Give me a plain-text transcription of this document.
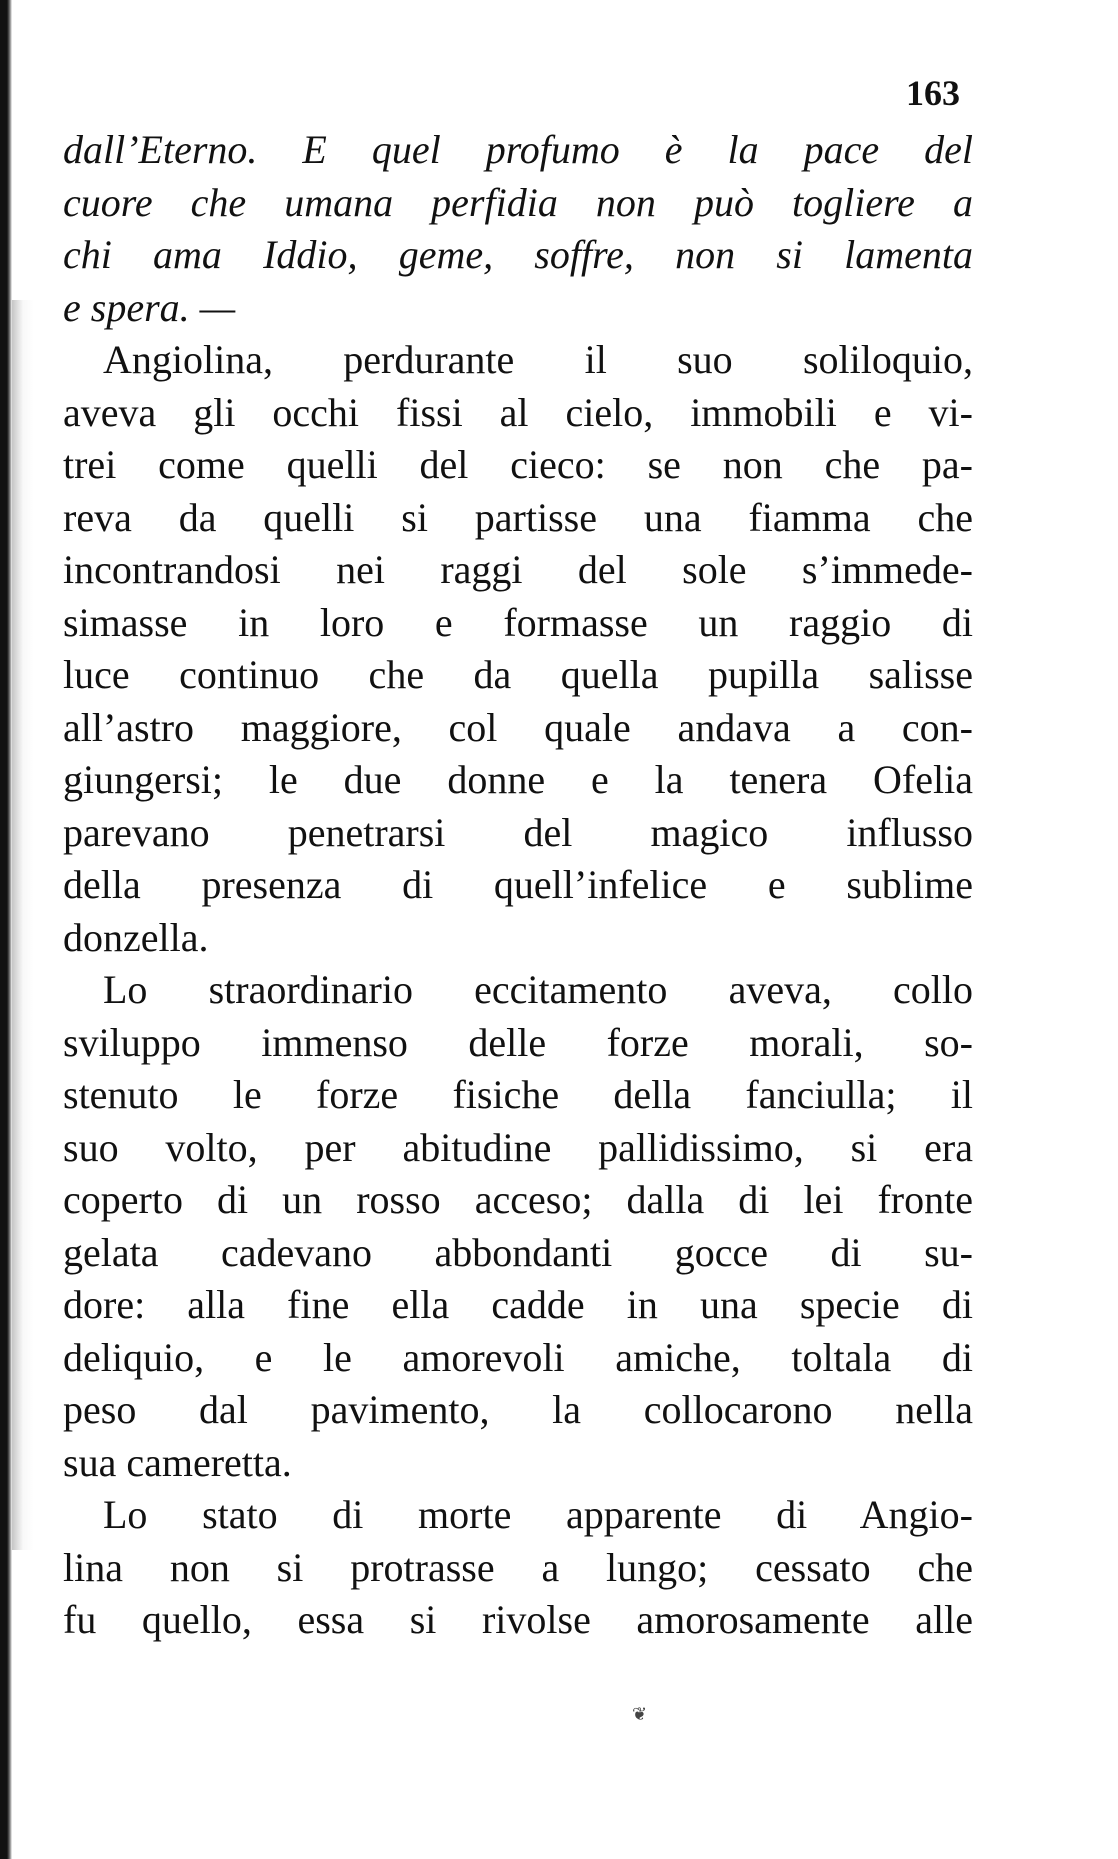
163
dall’Eterno. E quel profumo è la pace del
cuore che umana perfidia non può togliere a
chi ama Iddio, geme, soffre, non si lamenta
e spera. —
Angiolina, perdurante il suo soliloquio,
aveva gli occhi fissi al cielo, immobili e vi-
trei come quelli del cieco: se non che pa-
reva da quelli si partisse una fiamma che
incontrandosi nei raggi del sole s’immede-
simasse in loro e formasse un raggio di
luce continuo che da quella pupilla salisse
all’astro maggiore, col quale andava a con-
giungersi; le due donne e la tenera Ofelia
parevano penetrarsi del magico influsso
della presenza di quell’infelice e sublime
donzella.
Lo straordinario eccitamento aveva, collo
sviluppo immenso delle forze morali, so-
stenuto le forze fisiche della fanciulla; il
suo volto, per abitudine pallidissimo, si era
coperto di un rosso acceso; dalla di lei fronte
gelata cadevano abbondanti gocce di su-
dore: alla fine ella cadde in una specie di
deliquio, e le amorevoli amiche, toltala di
peso dal pavimento, la collocarono nella
sua cameretta.
Lo stato di morte apparente di Angio-
lina non si protrasse a lungo; cessato che
fu quello, essa si rivolse amorosamente alle
❦
